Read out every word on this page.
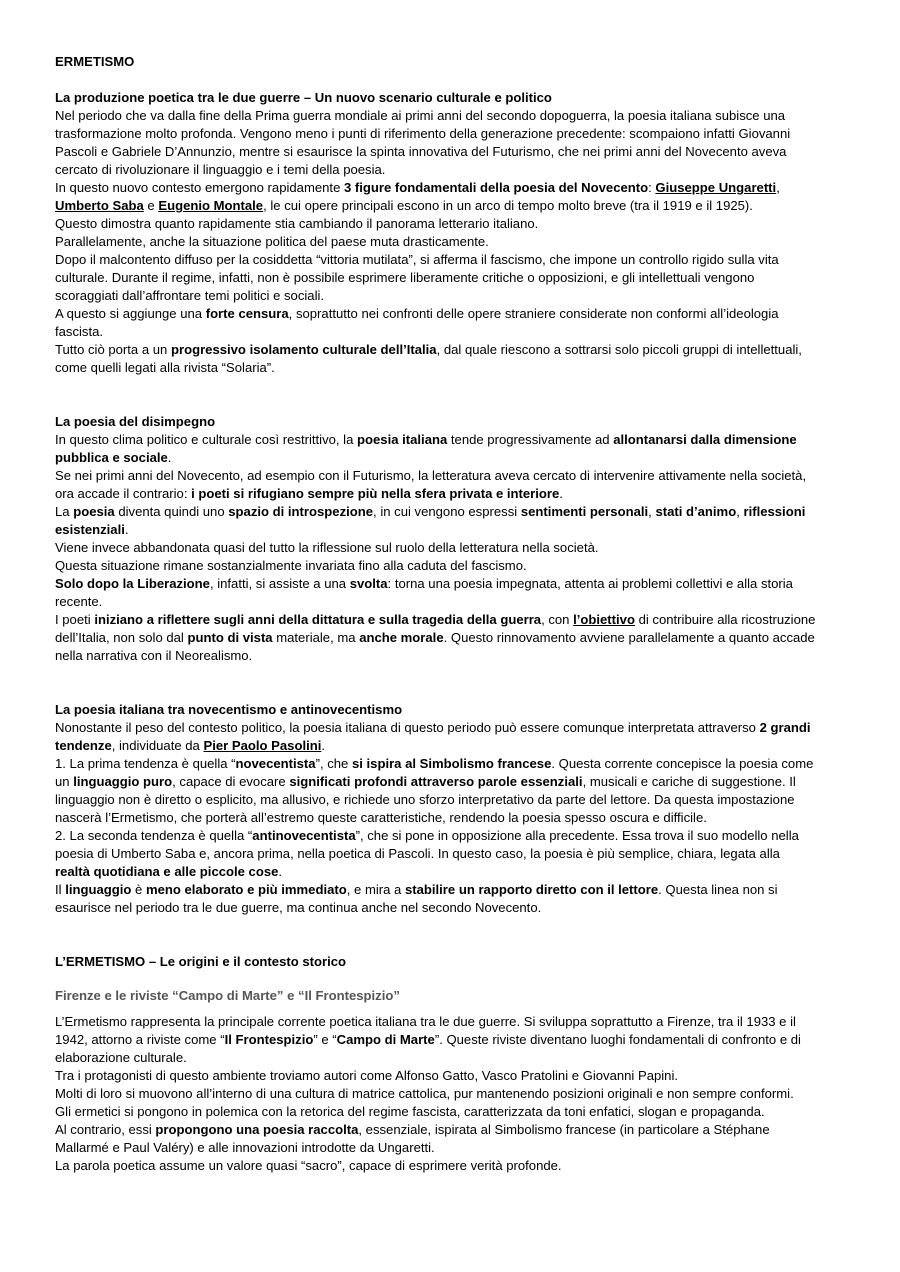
ERMETISMO
La produzione poetica tra le due guerre – Un nuovo scenario culturale e politico
Nel periodo che va dalla fine della Prima guerra mondiale ai primi anni del secondo dopoguerra, la poesia italiana subisce una
trasformazione molto profonda. Vengono meno i punti di riferimento della generazione precedente: scompaiono infatti Giovanni
Pascoli e Gabriele D’Annunzio, mentre si esaurisce la spinta innovativa del Futurismo, che nei primi anni del Novecento aveva
cercato di rivoluzionare il linguaggio e i temi della poesia.
In questo nuovo contesto emergono rapidamente 3 figure fondamentali della poesia del Novecento: Giuseppe Ungaretti,
Umberto Saba e Eugenio Montale, le cui opere principali escono in un arco di tempo molto breve (tra il 1919 e il 1925).
Questo dimostra quanto rapidamente stia cambiando il panorama letterario italiano.
Parallelamente, anche la situazione politica del paese muta drasticamente.
Dopo il malcontento diffuso per la cosiddetta “vittoria mutilata”, si afferma il fascismo, che impone un controllo rigido sulla vita
culturale. Durante il regime, infatti, non è possibile esprimere liberamente critiche o opposizioni, e gli intellettuali vengono
scoraggiati dall’affrontare temi politici e sociali.
A questo si aggiunge una forte censura, soprattutto nei confronti delle opere straniere considerate non conformi all’ideologia
fascista.
Tutto ciò porta a un progressivo isolamento culturale dell’Italia, dal quale riescono a sottrarsi solo piccoli gruppi di intellettuali,
come quelli legati alla rivista “Solaria”.
La poesia del disimpegno
In questo clima politico e culturale così restrittivo, la poesia italiana tende progressivamente ad allontanarsi dalla dimensione
pubblica e sociale.
Se nei primi anni del Novecento, ad esempio con il Futurismo, la letteratura aveva cercato di intervenire attivamente nella società,
ora accade il contrario: i poeti si rifugiano sempre più nella sfera privata e interiore.
La poesia diventa quindi uno spazio di introspezione, in cui vengono espressi sentimenti personali, stati d’animo, riflessioni
esistenziali.
Viene invece abbandonata quasi del tutto la riflessione sul ruolo della letteratura nella società.
Questa situazione rimane sostanzialmente invariata fino alla caduta del fascismo.
Solo dopo la Liberazione, infatti, si assiste a una svolta: torna una poesia impegnata, attenta ai problemi collettivi e alla storia
recente.
I poeti iniziano a riflettere sugli anni della dittatura e sulla tragedia della guerra, con l’obiettivo di contribuire alla ricostruzione
dell’Italia, non solo dal punto di vista materiale, ma anche morale. Questo rinnovamento avviene parallelamente a quanto accade
nella narrativa con il Neorealismo.
La poesia italiana tra novecentismo e antinovecentismo
Nonostante il peso del contesto politico, la poesia italiana di questo periodo può essere comunque interpretata attraverso 2 grandi
tendenze, individuate da Pier Paolo Pasolini.
1. La prima tendenza è quella “novecentista”, che si ispira al Simbolismo francese. Questa corrente concepisce la poesia come
un linguaggio puro, capace di evocare significati profondi attraverso parole essenziali, musicali e cariche di suggestione. Il
linguaggio non è diretto o esplicito, ma allusivo, e richiede uno sforzo interpretativo da parte del lettore. Da questa impostazione
nascerà l’Ermetismo, che porterà all’estremo queste caratteristiche, rendendo la poesia spesso oscura e difficile.
2. La seconda tendenza è quella “antinovecentista”, che si pone in opposizione alla precedente. Essa trova il suo modello nella
poesia di Umberto Saba e, ancora prima, nella poetica di Pascoli. In questo caso, la poesia è più semplice, chiara, legata alla
realtà quotidiana e alle piccole cose.
Il linguaggio è meno elaborato e più immediato, e mira a stabilire un rapporto diretto con il lettore. Questa linea non si
esaurisce nel periodo tra le due guerre, ma continua anche nel secondo Novecento.
L’ERMETISMO – Le origini e il contesto storico
Firenze e le riviste “Campo di Marte” e “Il Frontespizio”
L’Ermetismo rappresenta la principale corrente poetica italiana tra le due guerre. Si sviluppa soprattutto a Firenze, tra il 1933 e il
1942, attorno a riviste come “Il Frontespizio” e “Campo di Marte”. Queste riviste diventano luoghi fondamentali di confronto e di
elaborazione culturale.
Tra i protagonisti di questo ambiente troviamo autori come Alfonso Gatto, Vasco Pratolini e Giovanni Papini.
Molti di loro si muovono all’interno di una cultura di matrice cattolica, pur mantenendo posizioni originali e non sempre conformi.
Gli ermetici si pongono in polemica con la retorica del regime fascista, caratterizzata da toni enfatici, slogan e propaganda.
Al contrario, essi propongono una poesia raccolta, essenziale, ispirata al Simbolismo francese (in particolare a Stéphane
Mallarmé e Paul Valéry) e alle innovazioni introdotte da Ungaretti.
La parola poetica assume un valore quasi “sacro”, capace di esprimere verità profonde.
